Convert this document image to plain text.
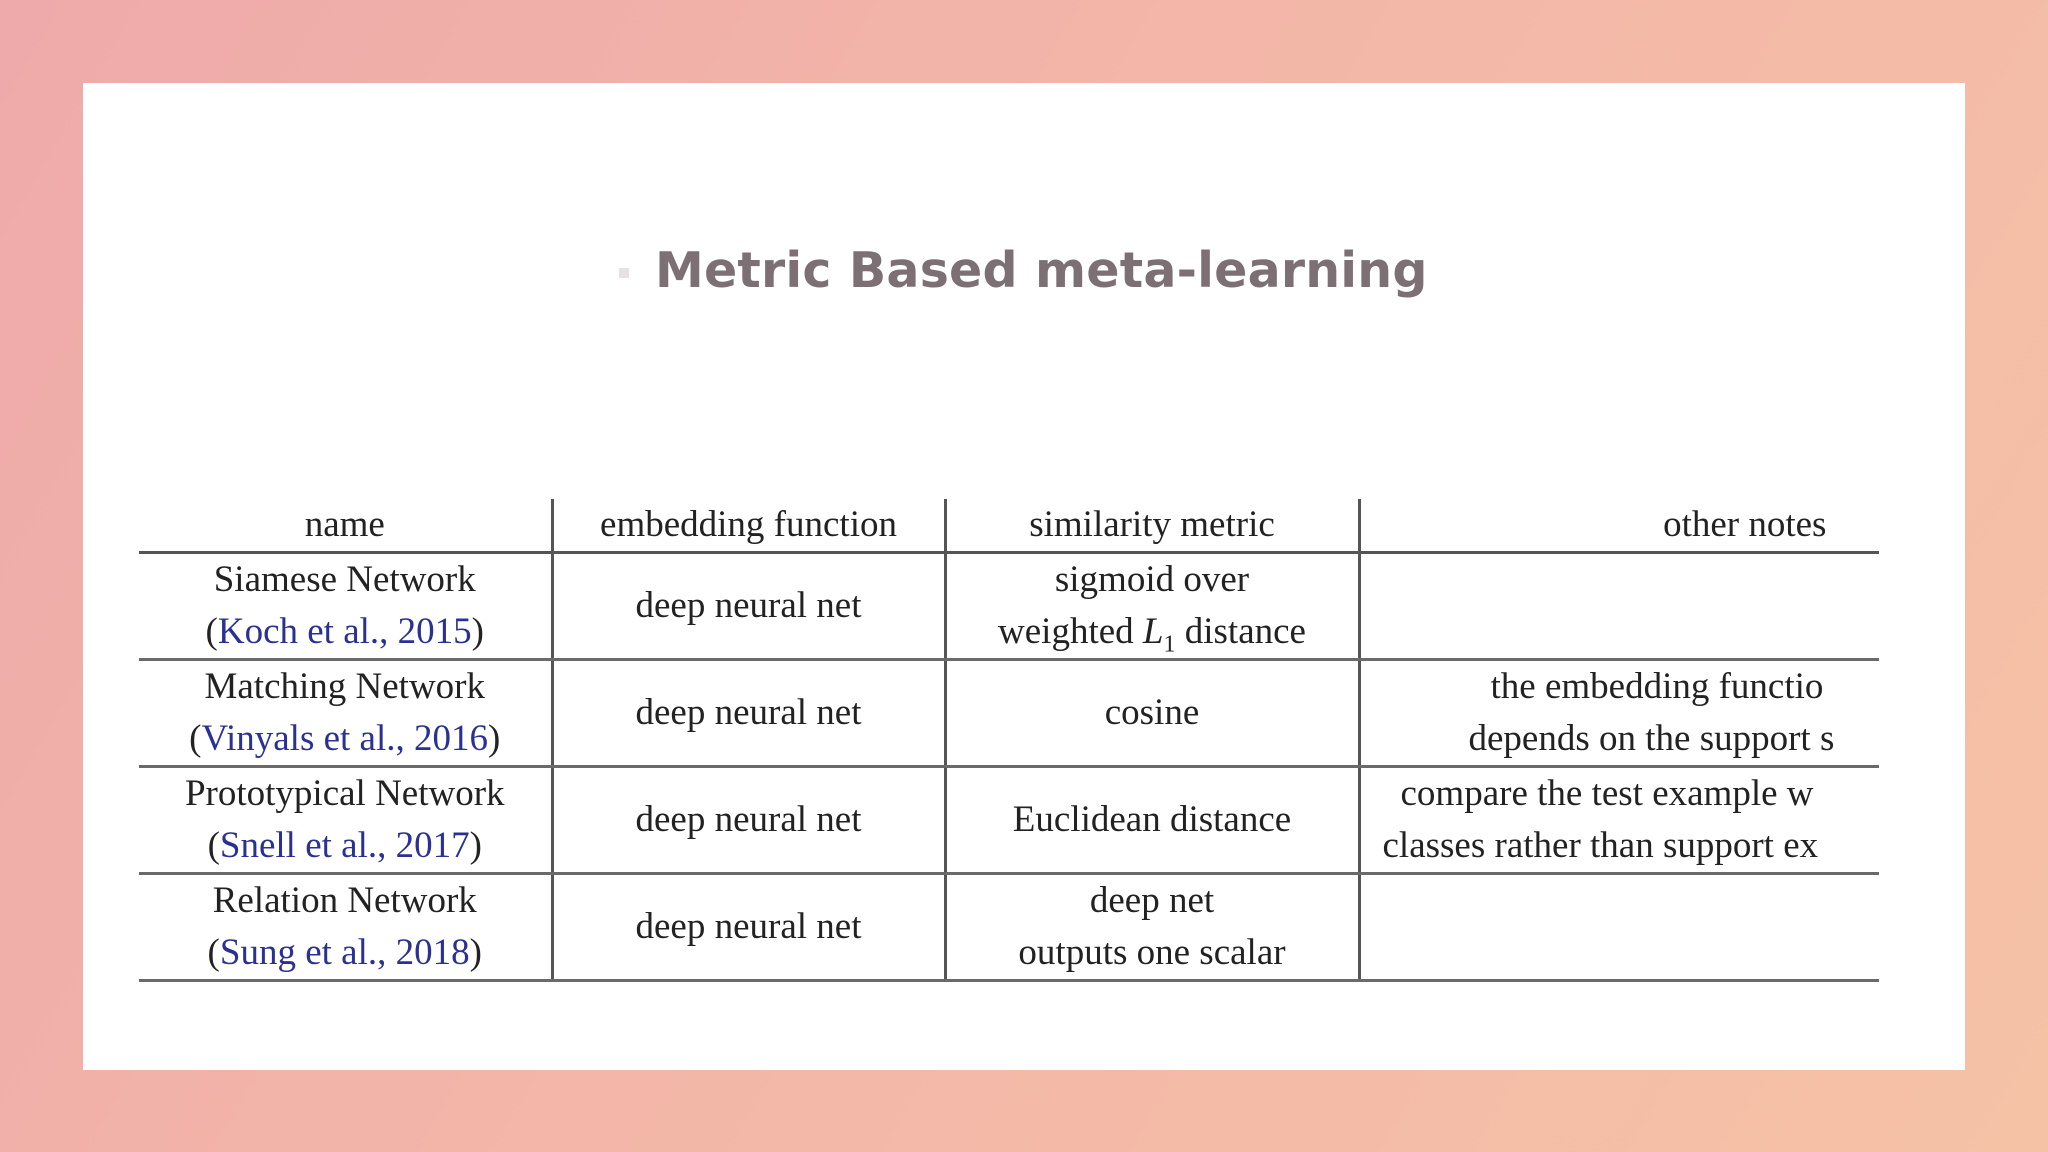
Metric Based meta-learning
name	embedding function	similarity metric	other notes

Siamese Network
(Koch et al., 2015)	deep neural net	sigmoid over
weighted $L_1$ distance	

Matching Network
(Vinyals et al., 2016)	deep neural net	cosine	the embedding functio
depends on the support s

Prototypical Network
(Snell et al., 2017)	deep neural net	Euclidean distance	compare the test example w
classes rather than support ex

Relation Network
(Sung et al., 2018)	deep neural net	deep net
outputs one scalar	
